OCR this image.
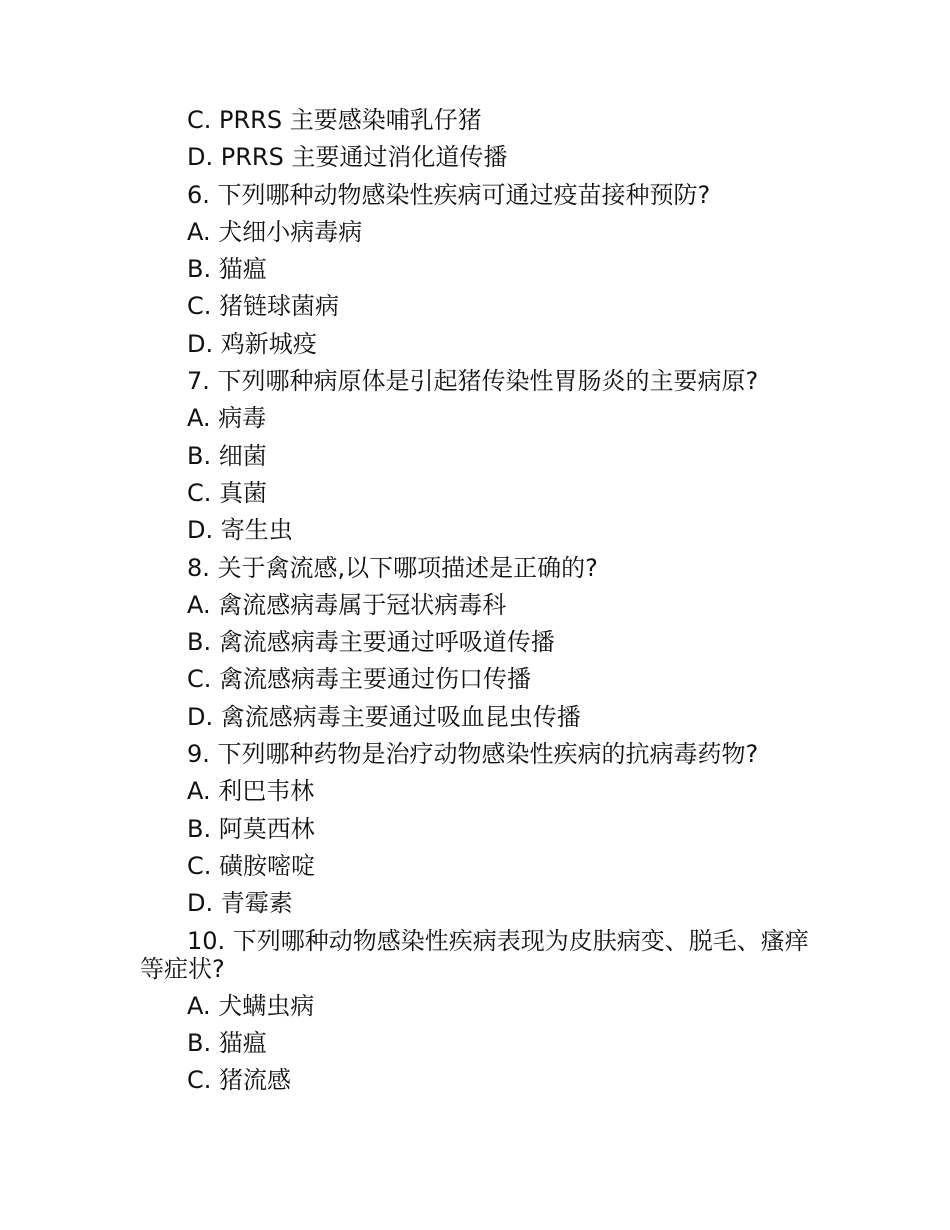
C. PRRS 主要感染哺乳仔猪
D. PRRS 主要通过消化道传播
6. 下列哪种动物感染性疾病可通过疫苗接种预防?
A. 犬细小病毒病
B. 猫瘟
C. 猪链球菌病
D. 鸡新城疫
7. 下列哪种病原体是引起猪传染性胃肠炎的主要病原?
A. 病毒
B. 细菌
C. 真菌
D. 寄生虫
8. 关于禽流感,以下哪项描述是正确的?
A. 禽流感病毒属于冠状病毒科
B. 禽流感病毒主要通过呼吸道传播
C. 禽流感病毒主要通过伤口传播
D. 禽流感病毒主要通过吸血昆虫传播
9. 下列哪种药物是治疗动物感染性疾病的抗病毒药物?
A. 利巴韦林
B. 阿莫西林
C. 磺胺嘧啶
D. 青霉素
10. 下列哪种动物感染性疾病表现为皮肤病变、脱毛、瘙痒等症状?
A. 犬螨虫病
B. 猫瘟
C. 猪流感
